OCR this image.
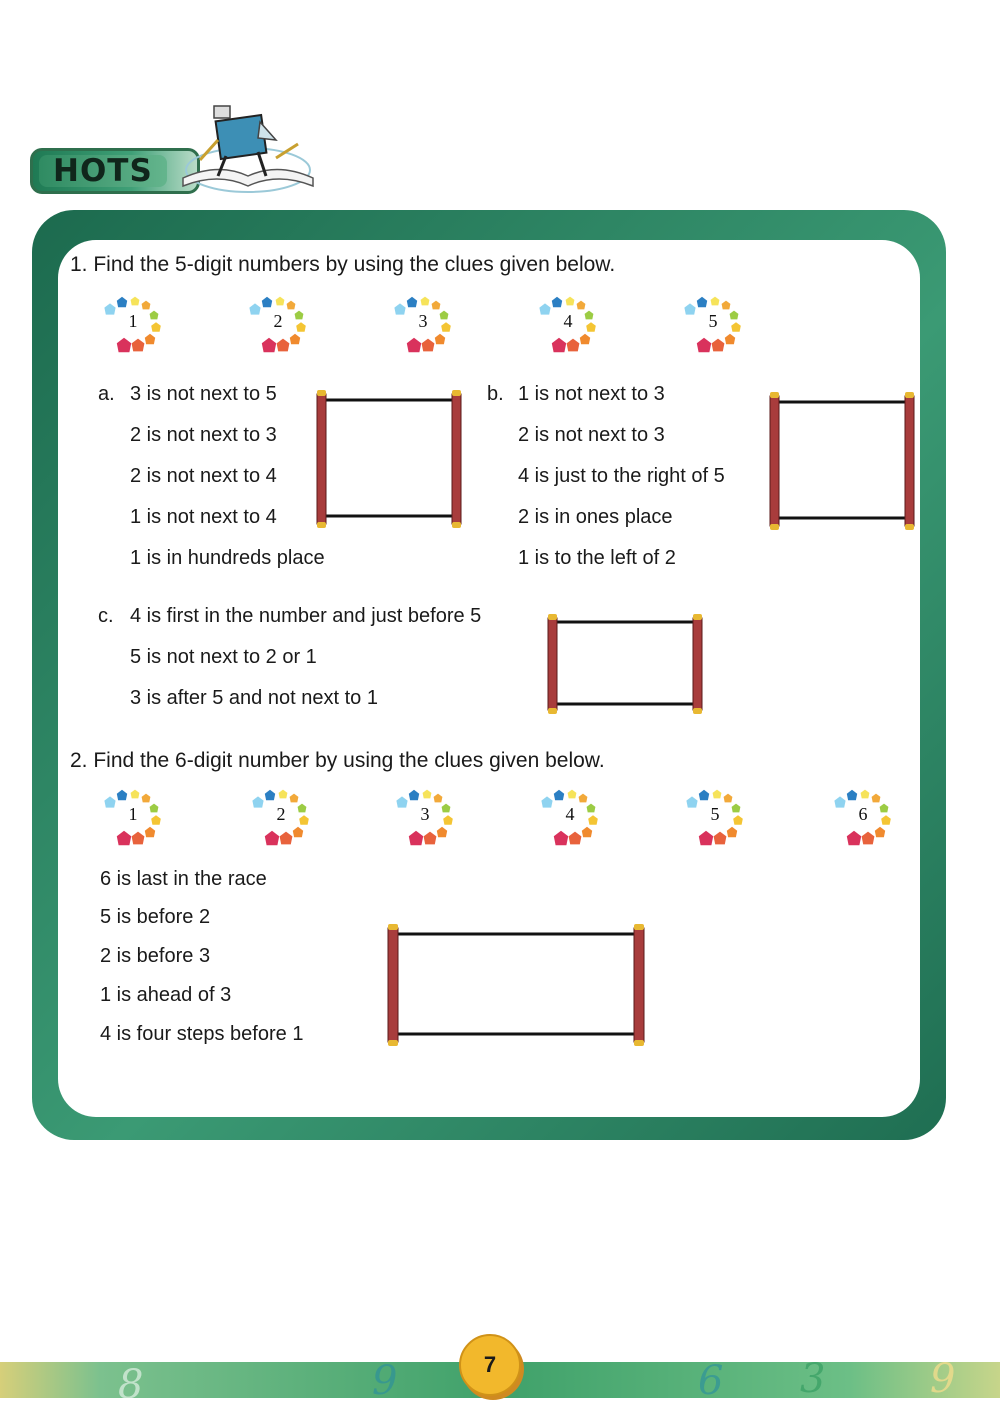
HOTS
1. Find the 5-digit numbers by using the clues given below.
1	2	3	4	5
a. 3 is not next to 5
2 is not next to 3
2 is not next to 4
1 is not next to 4
1 is in hundreds place
b. 1 is not next to 3
2 is not next to 3
4 is just to the right of 5
2 is in ones place
1 is to the left of 2
c. 4 is first in the number and just before 5
5 is not next to 2 or 1
3 is after 5 and not next to 1
2. Find the 6-digit number by using the clues given below.
1	2	3	4	5	6
6 is last in the race
5 is before 2
2 is before 3
1 is ahead of 3
4 is four steps before 1
8	9	6 3	9
7
